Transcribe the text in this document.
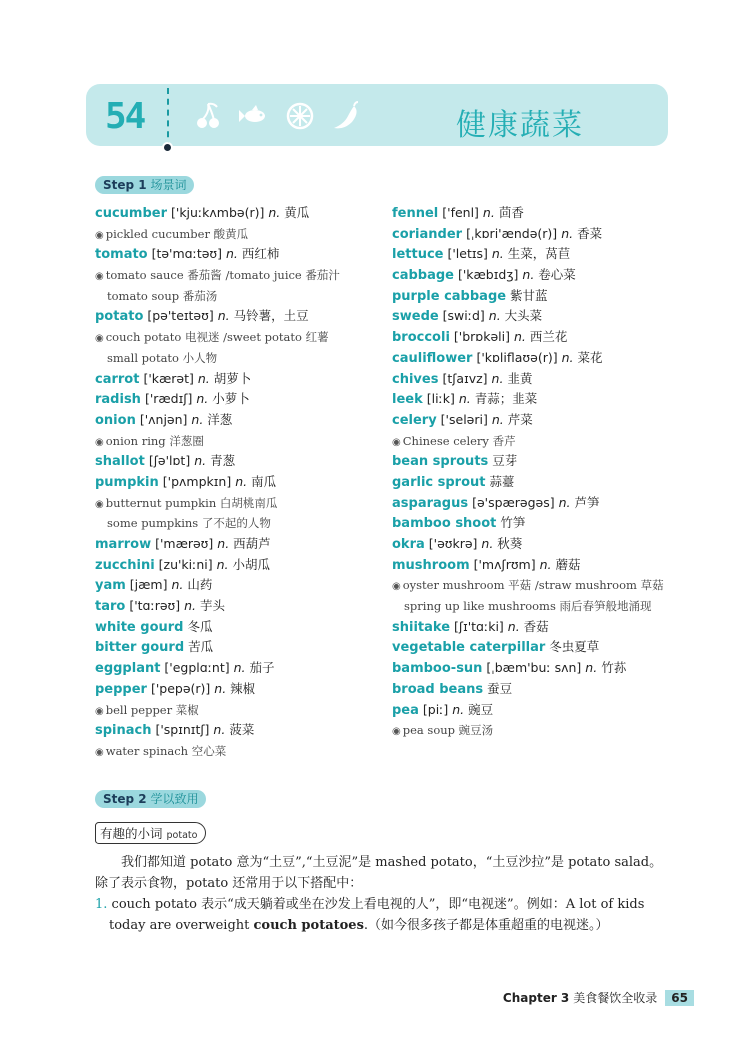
54	健康蔬菜
Step 1 场景词
cucumber ['kjuːkʌmbə(r)] n. 黄瓜
◉ pickled cucumber 酸黄瓜
tomato [tə'mɑːtəʊ] n. 西红柿
◉ tomato sauce 番茄酱 /tomato juice 番茄汁
tomato soup 番茄汤
potato [pə'teɪtəʊ] n. 马铃薯，土豆
◉ couch potato 电视迷 /sweet potato 红薯
small potato 小人物
carrot ['kærət] n. 胡萝卜
radish ['rædɪʃ] n. 小萝卜
onion ['ʌnjən] n. 洋葱
◉ onion ring 洋葱圈
shallot [ʃə'lɒt] n. 青葱
pumpkin ['pʌmpkɪn] n. 南瓜
◉ butternut pumpkin 白胡桃南瓜
some pumpkins 了不起的人物
marrow ['mærəʊ] n. 西葫芦
zucchini [zu'kiːni] n. 小胡瓜
yam [jæm] n. 山药
taro ['tɑːrəʊ] n. 芋头
white gourd 冬瓜
bitter gourd 苦瓜
eggplant ['egplɑːnt] n. 茄子
pepper ['pepə(r)] n. 辣椒
◉ bell pepper 菜椒
spinach ['spɪnɪtʃ] n. 菠菜
◉ water spinach 空心菜
fennel ['fenl] n. 茴香
coriander [ˌkɒri'ændə(r)] n. 香菜
lettuce ['letɪs] n. 生菜，莴苣
cabbage ['kæbɪdʒ] n. 卷心菜
purple cabbage 紫甘蓝
swede [swiːd] n. 大头菜
broccoli ['brɒkəli] n. 西兰花
cauliflower ['kɒliflaʊə(r)] n. 菜花
chives [tʃaɪvz] n. 韭黄
leek [liːk] n. 青蒜；韭菜
celery ['seləri] n. 芹菜
◉ Chinese celery 香芹
bean sprouts 豆芽
garlic sprout 蒜薹
asparagus [ə'spærəgəs] n. 芦笋
bamboo shoot 竹笋
okra ['əʊkrə] n. 秋葵
mushroom ['mʌʃrʊm] n. 蘑菇
◉ oyster mushroom 平菇 /straw mushroom 草菇
spring up like mushrooms 雨后春笋般地涌现
shiitake [ʃɪ'tɑːki] n. 香菇
vegetable caterpillar 冬虫夏草
bamboo-sun [ˌbæm'buː sʌn] n. 竹荪
broad beans 蚕豆
pea [piː] n. 豌豆
◉ pea soup 豌豆汤
Step 2 学以致用
有趣的小词 potato
我们都知道 potato 意为“土豆”,“土豆泥”是 mashed potato，“土豆沙拉”是 potato salad。
除了表示食物，potato 还常用于以下搭配中：
1. couch potato 表示“成天躺着或坐在沙发上看电视的人”，即“电视迷”。例如：A lot of kids
today are overweight couch potatoes.（如今很多孩子都是体重超重的电视迷。）
Chapter 3 美食餐饮全收录	65
